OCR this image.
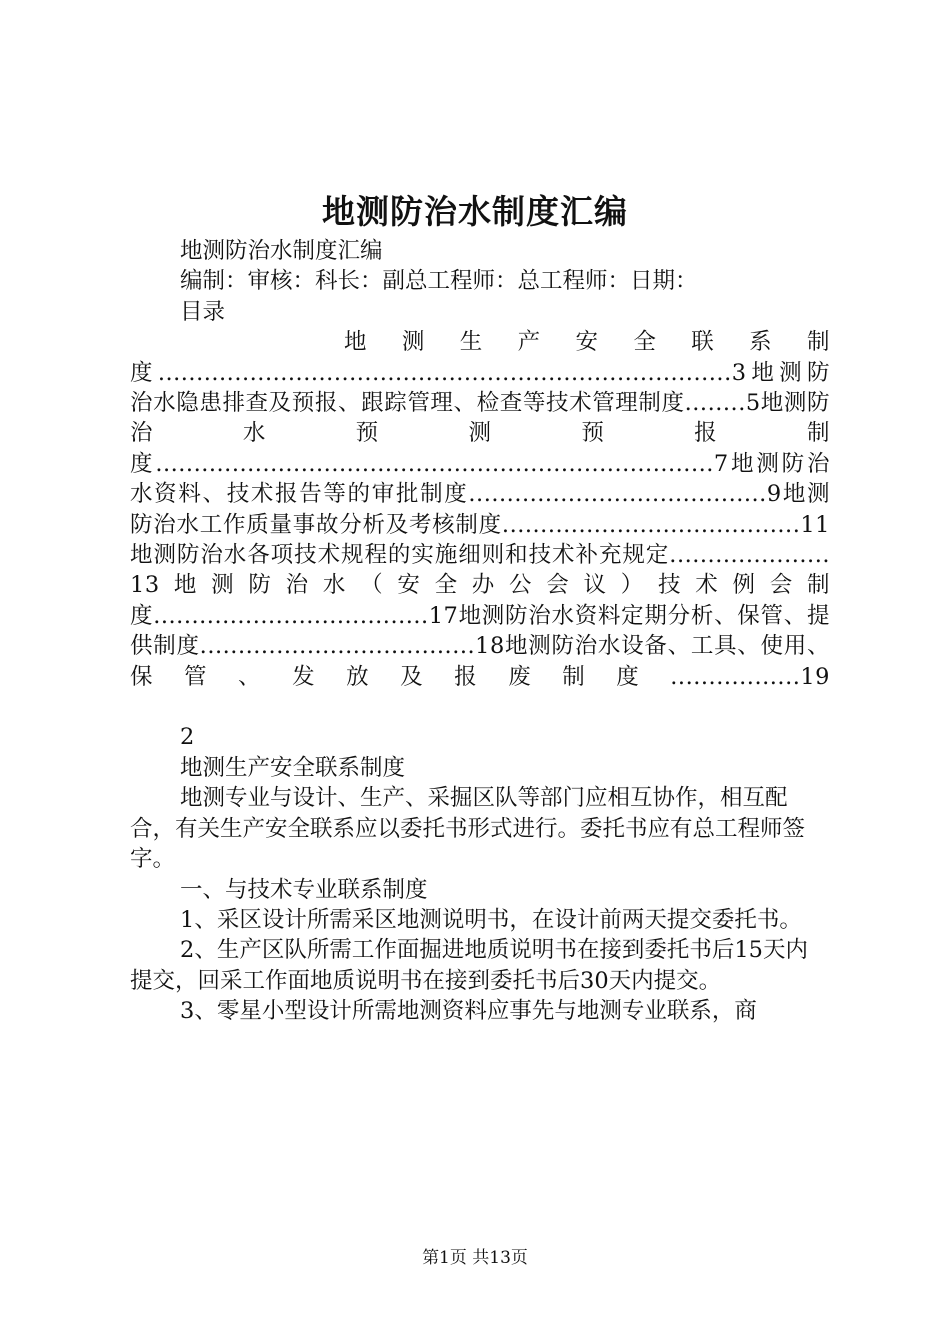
地测防治水制度汇编

地测防治水制度汇编

编制：审核：科长：副总工程师：总工程师：日期：

目录

地测生产安全联系制度...........................................................................3地测防治水隐患排查及预报、跟踪管理、检查等技术管理制度........5地测防治水预测预报制度.........................................................................7地测防治水资料、技术报告等的审批制度.......................................9地测防治水工作质量事故分析及考核制度.......................................11地测防治水各项技术规程的实施细则和技术补充规定.....................13地测防治水（安全办公会议）技术例会制度....................................17地测防治水资料定期分析、保管、提供制度....................................18地测防治水设备、工具、使用、保管、发放及报废制度.................19

2

地测生产安全联系制度

地测专业与设计、生产、采掘区队等部门应相互协作，相互配合，有关生产安全联系应以委托书形式进行。委托书应有总工程师签字。

一、与技术专业联系制度

1、采区设计所需采区地测说明书，在设计前两天提交委托书。

2、生产区队所需工作面掘进地质说明书在接到委托书后15天内提交，回采工作面地质说明书在接到委托书后30天内提交。

3、零星小型设计所需地测资料应事先与地测专业联系，商

第1页 共13页
